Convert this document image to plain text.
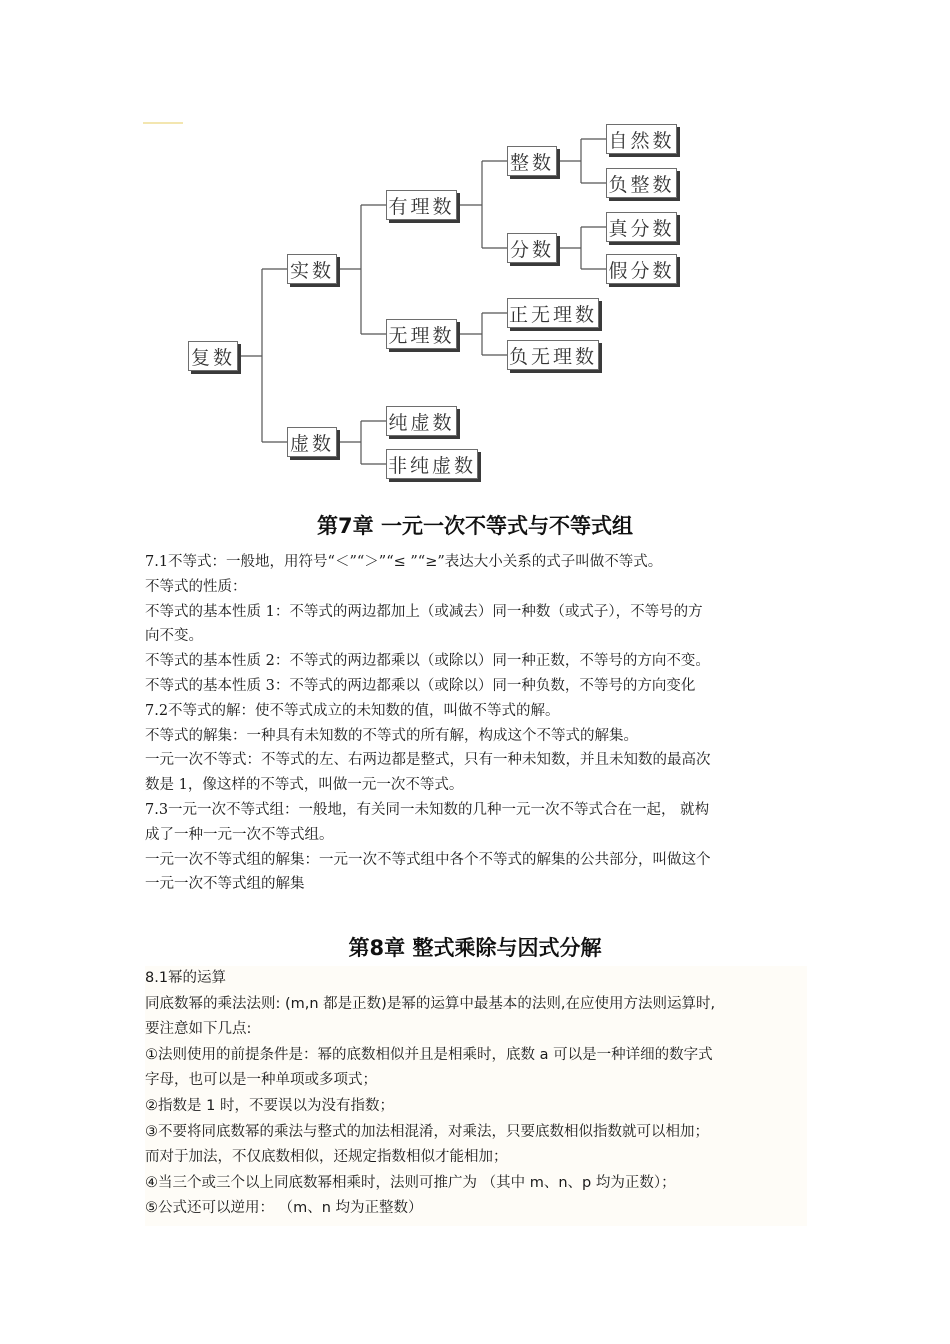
复数
实数
虚数
有理数
无理数
整数
分数
自然数
负整数
真分数
假分数
正无理数
负无理数
纯虚数
非纯虚数
第7章 一元一次不等式与不等式组

7.1不等式：一般地，用符号“＜”“＞”“≤ ”“≥”表达大小关系的式子叫做不等式。

不等式的性质：

不等式的基本性质 1：不等式的两边都加上（或减去）同一种数（或式子），不等号的方

向不变。

不等式的基本性质 2：不等式的两边都乘以（或除以）同一种正数，不等号的方向不变。

不等式的基本性质 3：不等式的两边都乘以（或除以）同一种负数，不等号的方向变化

7.2不等式的解：使不等式成立的未知数的值，叫做不等式的解。

不等式的解集：一种具有未知数的不等式的所有解，构成这个不等式的解集。

一元一次不等式：不等式的左、右两边都是整式，只有一种未知数，并且未知数的最高次

数是 1，像这样的不等式，叫做一元一次不等式。

7.3一元一次不等式组：一般地，有关同一未知数的几种一元一次不等式合在一起， 就构

成了一种一元一次不等式组。

一元一次不等式组的解集：一元一次不等式组中各个不等式的解集的公共部分，叫做这个

一元一次不等式组的解集

第8章 整式乘除与因式分解

8.1幂的运算

同底数幂的乘法法则: (m,n 都是正数)是幂的运算中最基本的法则,在应使用方法则运算时,

要注意如下几点:

①法则使用的前提条件是：幂的底数相似并且是相乘时，底数 a 可以是一种详细的数字式

字母，也可以是一种单项或多项式；

②指数是 1 时，不要误以为没有指数；

③不要将同底数幂的乘法与整式的加法相混淆，对乘法，只要底数相似指数就可以相加；

而对于加法，不仅底数相似，还规定指数相似才能相加；

④当三个或三个以上同底数幂相乘时，法则可推广为 （其中 m、n、p 均为正数）；

⑤公式还可以逆用： （m、n 均为正整数）
